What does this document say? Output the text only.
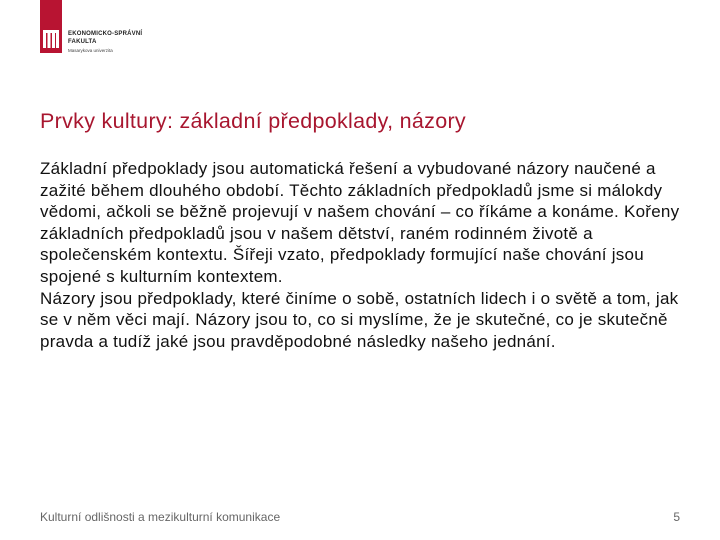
EKONOMICKO-SPRÁVNÍ
FAKULTA
Masarykova univerzita
Prvky kultury: základní předpoklady, názory

Základní předpoklady jsou automatická řešení a vybudované názory naučené a zažité během dlouhého období. Těchto základních předpokladů jsme si málokdy vědomi, ačkoli se běžně projevují v našem chování – co říkáme a konáme. Kořeny základních předpokladů jsou v našem dětství, raném rodinném životě a společenském kontextu. Šířeji vzato, předpoklady formující naše chování jsou spojené s kulturním kontextem.

Názory jsou předpoklady, které činíme o sobě, ostatních lidech i o světě a tom, jak se v něm věci mají. Názory jsou to, co si myslíme, že je skutečné, co je skutečně pravda a tudíž jaké jsou pravděpodobné následky našeho jednání.

Kulturní odlišnosti a mezikulturní komunikace	5
